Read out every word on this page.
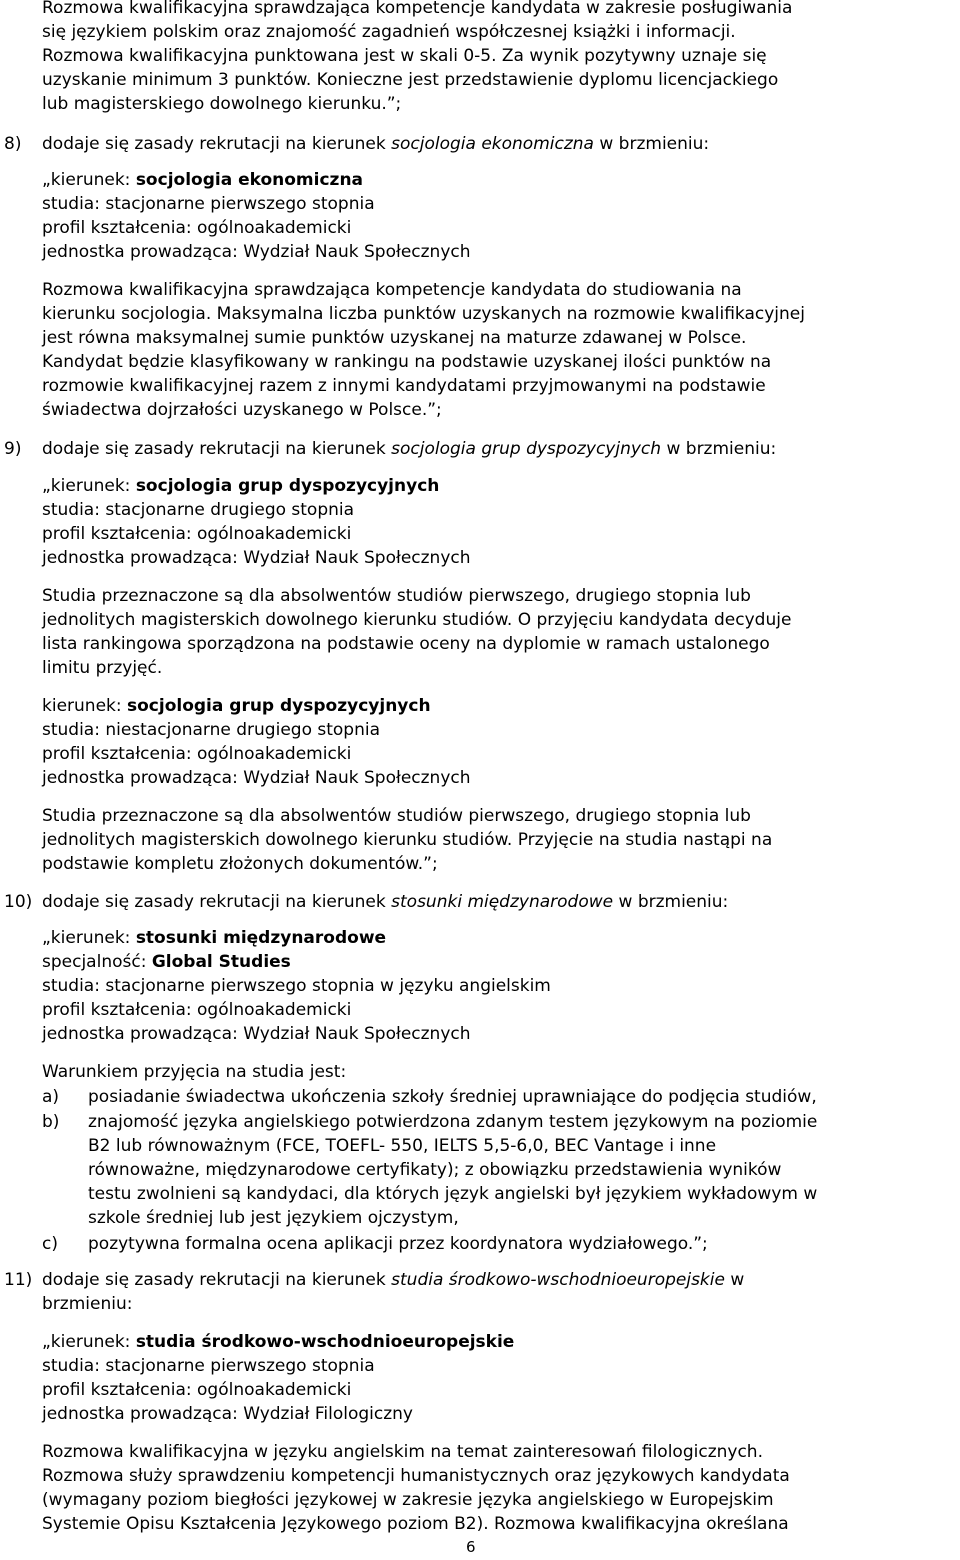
Rozmowa kwalifikacyjna sprawdzająca kompetencje kandydata w zakresie posługiwania
się językiem polskim oraz znajomość zagadnień współczesnej książki i informacji.
Rozmowa kwalifikacyjna punktowana jest w skali 0-5. Za wynik pozytywny uznaje się
uzyskanie minimum 3 punktów. Konieczne jest przedstawienie dyplomu licencjackiego
lub magisterskiego dowolnego kierunku.”;
8) dodaje się zasady rekrutacji na kierunek socjologia ekonomiczna w brzmieniu:
„kierunek: socjologia ekonomiczna
studia: stacjonarne pierwszego stopnia
profil kształcenia: ogólnoakademicki
jednostka prowadząca: Wydział Nauk Społecznych
Rozmowa kwalifikacyjna sprawdzająca kompetencje kandydata do studiowania na
kierunku socjologia. Maksymalna liczba punktów uzyskanych na rozmowie kwalifikacyjnej
jest równa maksymalnej sumie punktów uzyskanej na maturze zdawanej w Polsce.
Kandydat będzie klasyfikowany w rankingu na podstawie uzyskanej ilości punktów na
rozmowie kwalifikacyjnej razem z innymi kandydatami przyjmowanymi na podstawie
świadectwa dojrzałości uzyskanego w Polsce.”;
9) dodaje się zasady rekrutacji na kierunek socjologia grup dyspozycyjnych w brzmieniu:
„kierunek: socjologia grup dyspozycyjnych
studia: stacjonarne drugiego stopnia
profil kształcenia: ogólnoakademicki
jednostka prowadząca: Wydział Nauk Społecznych
Studia przeznaczone są dla absolwentów studiów pierwszego, drugiego stopnia lub
jednolitych magisterskich dowolnego kierunku studiów. O przyjęciu kandydata decyduje
lista rankingowa sporządzona na podstawie oceny na dyplomie w ramach ustalonego
limitu przyjęć.
kierunek: socjologia grup dyspozycyjnych
studia: niestacjonarne drugiego stopnia
profil kształcenia: ogólnoakademicki
jednostka prowadząca: Wydział Nauk Społecznych
Studia przeznaczone są dla absolwentów studiów pierwszego, drugiego stopnia lub
jednolitych magisterskich dowolnego kierunku studiów. Przyjęcie na studia nastąpi na
podstawie kompletu złożonych dokumentów.”;
10) dodaje się zasady rekrutacji na kierunek stosunki międzynarodowe w brzmieniu:
„kierunek: stosunki międzynarodowe
specjalność: Global Studies
studia: stacjonarne pierwszego stopnia w języku angielskim
profil kształcenia: ogólnoakademicki
jednostka prowadząca: Wydział Nauk Społecznych
Warunkiem przyjęcia na studia jest:
a) posiadanie świadectwa ukończenia szkoły średniej uprawniające do podjęcia studiów,
b) znajomość języka angielskiego potwierdzona zdanym testem językowym na poziomie
B2 lub równoważnym (FCE, TOEFL- 550, IELTS 5,5-6,0, BEC Vantage i inne
równoważne, międzynarodowe certyfikaty); z obowiązku przedstawienia wyników
testu zwolnieni są kandydaci, dla których język angielski był językiem wykładowym w
szkole średniej lub jest językiem ojczystym,
c) pozytywna formalna ocena aplikacji przez koordynatora wydziałowego.”;
11) dodaje się zasady rekrutacji na kierunek studia środkowo-wschodnioeuropejskie w
brzmieniu:
„kierunek: studia środkowo-wschodnioeuropejskie
studia: stacjonarne pierwszego stopnia
profil kształcenia: ogólnoakademicki
jednostka prowadząca: Wydział Filologiczny
Rozmowa kwalifikacyjna w języku angielskim na temat zainteresowań filologicznych.
Rozmowa służy sprawdzeniu kompetencji humanistycznych oraz językowych kandydata
(wymagany poziom biegłości językowej w zakresie języka angielskiego w Europejskim
Systemie Opisu Kształcenia Językowego poziom B2). Rozmowa kwalifikacyjna określana
6
